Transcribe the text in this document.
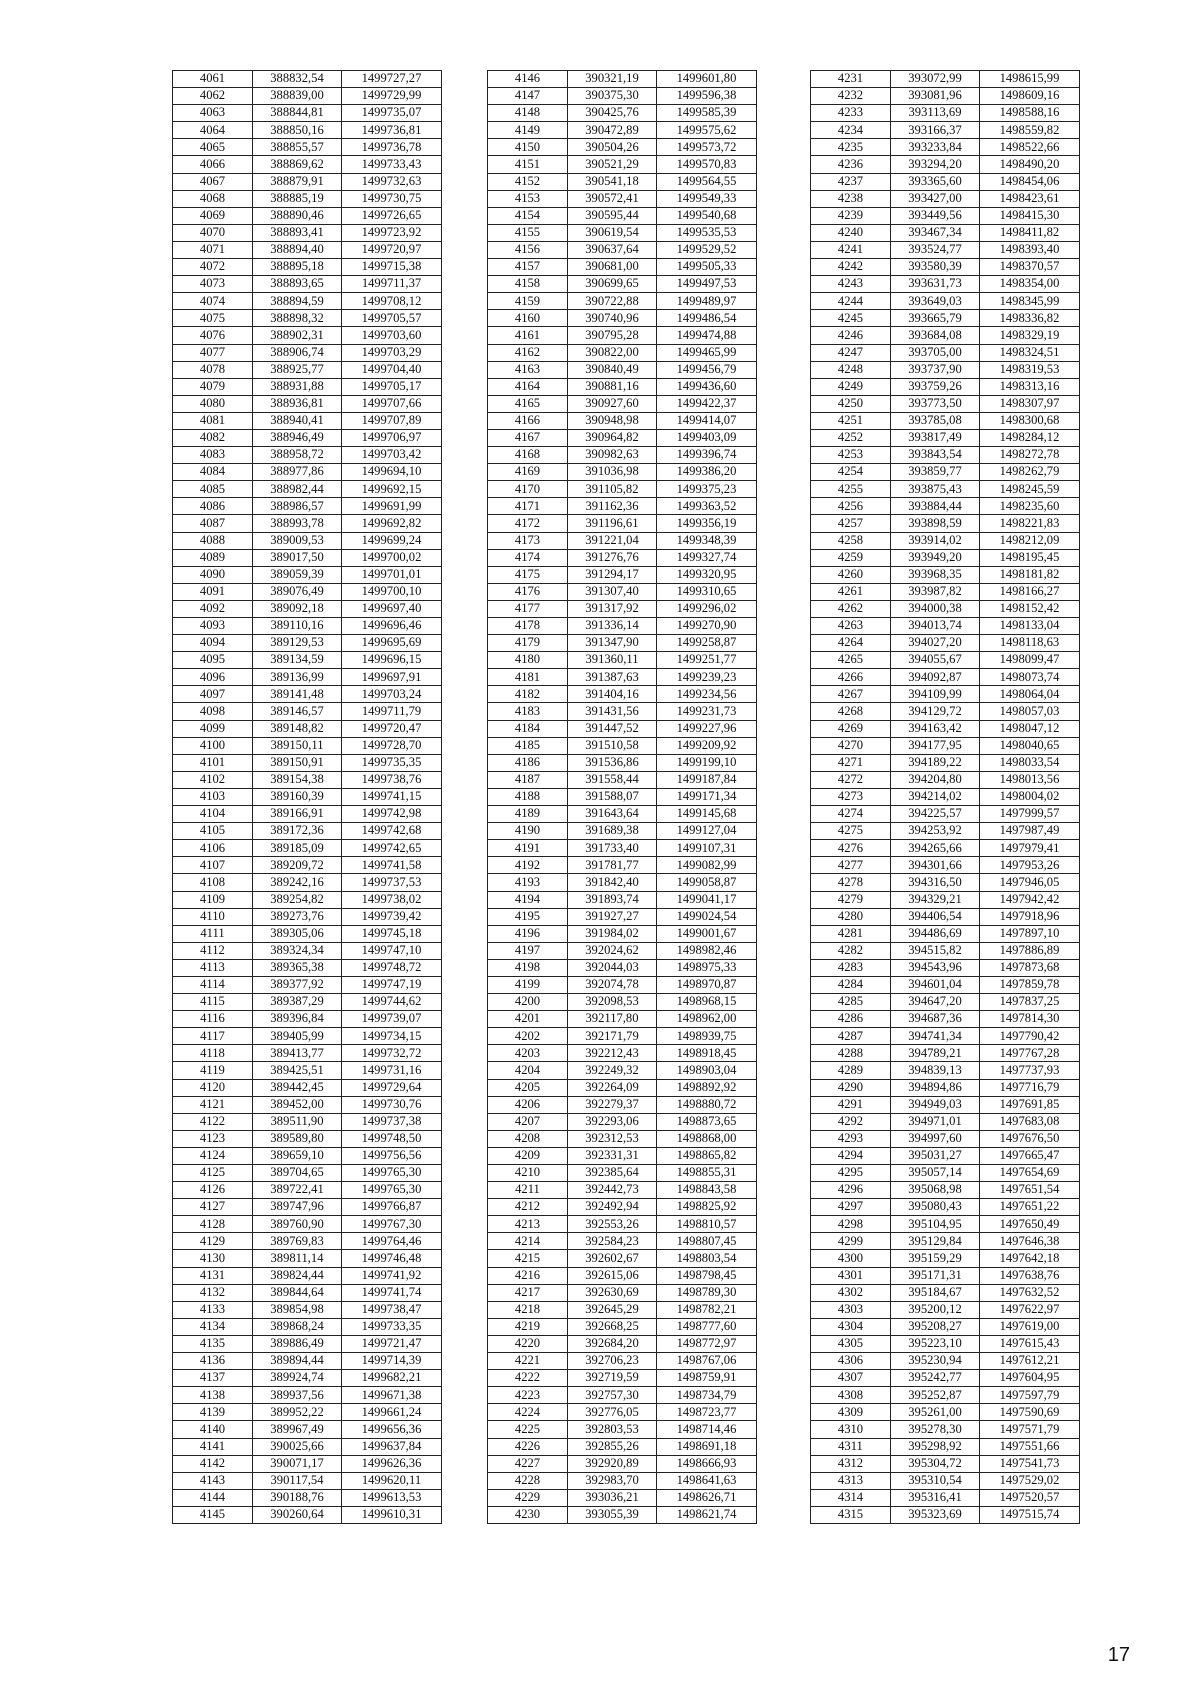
4061	388832,54	1499727,27
4062	388839,00	1499729,99
4063	388844,81	1499735,07
4064	388850,16	1499736,81
4065	388855,57	1499736,78
4066	388869,62	1499733,43
4067	388879,91	1499732,63
4068	388885,19	1499730,75
4069	388890,46	1499726,65
4070	388893,41	1499723,92
4071	388894,40	1499720,97
4072	388895,18	1499715,38
4073	388893,65	1499711,37
4074	388894,59	1499708,12
4075	388898,32	1499705,57
4076	388902,31	1499703,60
4077	388906,74	1499703,29
4078	388925,77	1499704,40
4079	388931,88	1499705,17
4080	388936,81	1499707,66
4081	388940,41	1499707,89
4082	388946,49	1499706,97
4083	388958,72	1499703,42
4084	388977,86	1499694,10
4085	388982,44	1499692,15
4086	388986,57	1499691,99
4087	388993,78	1499692,82
4088	389009,53	1499699,24
4089	389017,50	1499700,02
4090	389059,39	1499701,01
4091	389076,49	1499700,10
4092	389092,18	1499697,40
4093	389110,16	1499696,46
4094	389129,53	1499695,69
4095	389134,59	1499696,15
4096	389136,99	1499697,91
4097	389141,48	1499703,24
4098	389146,57	1499711,79
4099	389148,82	1499720,47
4100	389150,11	1499728,70
4101	389150,91	1499735,35
4102	389154,38	1499738,76
4103	389160,39	1499741,15
4104	389166,91	1499742,98
4105	389172,36	1499742,68
4106	389185,09	1499742,65
4107	389209,72	1499741,58
4108	389242,16	1499737,53
4109	389254,82	1499738,02
4110	389273,76	1499739,42
4111	389305,06	1499745,18
4112	389324,34	1499747,10
4113	389365,38	1499748,72
4114	389377,92	1499747,19
4115	389387,29	1499744,62
4116	389396,84	1499739,07
4117	389405,99	1499734,15
4118	389413,77	1499732,72
4119	389425,51	1499731,16
4120	389442,45	1499729,64
4121	389452,00	1499730,76
4122	389511,90	1499737,38
4123	389589,80	1499748,50
4124	389659,10	1499756,56
4125	389704,65	1499765,30
4126	389722,41	1499765,30
4127	389747,96	1499766,87
4128	389760,90	1499767,30
4129	389769,83	1499764,46
4130	389811,14	1499746,48
4131	389824,44	1499741,92
4132	389844,64	1499741,74
4133	389854,98	1499738,47
4134	389868,24	1499733,35
4135	389886,49	1499721,47
4136	389894,44	1499714,39
4137	389924,74	1499682,21
4138	389937,56	1499671,38
4139	389952,22	1499661,24
4140	389967,49	1499656,36
4141	390025,66	1499637,84
4142	390071,17	1499626,36
4143	390117,54	1499620,11
4144	390188,76	1499613,53
4145	390260,64	1499610,31
4146	390321,19	1499601,80
4147	390375,30	1499596,38
4148	390425,76	1499585,39
4149	390472,89	1499575,62
4150	390504,26	1499573,72
4151	390521,29	1499570,83
4152	390541,18	1499564,55
4153	390572,41	1499549,33
4154	390595,44	1499540,68
4155	390619,54	1499535,53
4156	390637,64	1499529,52
4157	390681,00	1499505,33
4158	390699,65	1499497,53
4159	390722,88	1499489,97
4160	390740,96	1499486,54
4161	390795,28	1499474,88
4162	390822,00	1499465,99
4163	390840,49	1499456,79
4164	390881,16	1499436,60
4165	390927,60	1499422,37
4166	390948,98	1499414,07
4167	390964,82	1499403,09
4168	390982,63	1499396,74
4169	391036,98	1499386,20
4170	391105,82	1499375,23
4171	391162,36	1499363,52
4172	391196,61	1499356,19
4173	391221,04	1499348,39
4174	391276,76	1499327,74
4175	391294,17	1499320,95
4176	391307,40	1499310,65
4177	391317,92	1499296,02
4178	391336,14	1499270,90
4179	391347,90	1499258,87
4180	391360,11	1499251,77
4181	391387,63	1499239,23
4182	391404,16	1499234,56
4183	391431,56	1499231,73
4184	391447,52	1499227,96
4185	391510,58	1499209,92
4186	391536,86	1499199,10
4187	391558,44	1499187,84
4188	391588,07	1499171,34
4189	391643,64	1499145,68
4190	391689,38	1499127,04
4191	391733,40	1499107,31
4192	391781,77	1499082,99
4193	391842,40	1499058,87
4194	391893,74	1499041,17
4195	391927,27	1499024,54
4196	391984,02	1499001,67
4197	392024,62	1498982,46
4198	392044,03	1498975,33
4199	392074,78	1498970,87
4200	392098,53	1498968,15
4201	392117,80	1498962,00
4202	392171,79	1498939,75
4203	392212,43	1498918,45
4204	392249,32	1498903,04
4205	392264,09	1498892,92
4206	392279,37	1498880,72
4207	392293,06	1498873,65
4208	392312,53	1498868,00
4209	392331,31	1498865,82
4210	392385,64	1498855,31
4211	392442,73	1498843,58
4212	392492,94	1498825,92
4213	392553,26	1498810,57
4214	392584,23	1498807,45
4215	392602,67	1498803,54
4216	392615,06	1498798,45
4217	392630,69	1498789,30
4218	392645,29	1498782,21
4219	392668,25	1498777,60
4220	392684,20	1498772,97
4221	392706,23	1498767,06
4222	392719,59	1498759,91
4223	392757,30	1498734,79
4224	392776,05	1498723,77
4225	392803,53	1498714,46
4226	392855,26	1498691,18
4227	392920,89	1498666,93
4228	392983,70	1498641,63
4229	393036,21	1498626,71
4230	393055,39	1498621,74
4231	393072,99	1498615,99
4232	393081,96	1498609,16
4233	393113,69	1498588,16
4234	393166,37	1498559,82
4235	393233,84	1498522,66
4236	393294,20	1498490,20
4237	393365,60	1498454,06
4238	393427,00	1498423,61
4239	393449,56	1498415,30
4240	393467,34	1498411,82
4241	393524,77	1498393,40
4242	393580,39	1498370,57
4243	393631,73	1498354,00
4244	393649,03	1498345,99
4245	393665,79	1498336,82
4246	393684,08	1498329,19
4247	393705,00	1498324,51
4248	393737,90	1498319,53
4249	393759,26	1498313,16
4250	393773,50	1498307,97
4251	393785,08	1498300,68
4252	393817,49	1498284,12
4253	393843,54	1498272,78
4254	393859,77	1498262,79
4255	393875,43	1498245,59
4256	393884,44	1498235,60
4257	393898,59	1498221,83
4258	393914,02	1498212,09
4259	393949,20	1498195,45
4260	393968,35	1498181,82
4261	393987,82	1498166,27
4262	394000,38	1498152,42
4263	394013,74	1498133,04
4264	394027,20	1498118,63
4265	394055,67	1498099,47
4266	394092,87	1498073,74
4267	394109,99	1498064,04
4268	394129,72	1498057,03
4269	394163,42	1498047,12
4270	394177,95	1498040,65
4271	394189,22	1498033,54
4272	394204,80	1498013,56
4273	394214,02	1498004,02
4274	394225,57	1497999,57
4275	394253,92	1497987,49
4276	394265,66	1497979,41
4277	394301,66	1497953,26
4278	394316,50	1497946,05
4279	394329,21	1497942,42
4280	394406,54	1497918,96
4281	394486,69	1497897,10
4282	394515,82	1497886,89
4283	394543,96	1497873,68
4284	394601,04	1497859,78
4285	394647,20	1497837,25
4286	394687,36	1497814,30
4287	394741,34	1497790,42
4288	394789,21	1497767,28
4289	394839,13	1497737,93
4290	394894,86	1497716,79
4291	394949,03	1497691,85
4292	394971,01	1497683,08
4293	394997,60	1497676,50
4294	395031,27	1497665,47
4295	395057,14	1497654,69
4296	395068,98	1497651,54
4297	395080,43	1497651,22
4298	395104,95	1497650,49
4299	395129,84	1497646,38
4300	395159,29	1497642,18
4301	395171,31	1497638,76
4302	395184,67	1497632,52
4303	395200,12	1497622,97
4304	395208,27	1497619,00
4305	395223,10	1497615,43
4306	395230,94	1497612,21
4307	395242,77	1497604,95
4308	395252,87	1497597,79
4309	395261,00	1497590,69
4310	395278,30	1497571,79
4311	395298,92	1497551,66
4312	395304,72	1497541,73
4313	395310,54	1497529,02
4314	395316,41	1497520,57
4315	395323,69	1497515,74
17
